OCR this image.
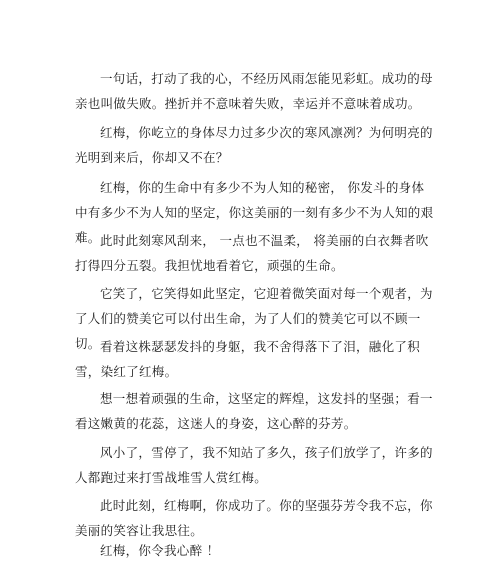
一句话，打动了我的心，不经历风雨怎能见彩虹。成功的母亲也叫做失败。挫折并不意味着失败，幸运并不意味着成功。

红梅，你屹立的身体尽力过多少次的寒风凛冽？为何明亮的光明到来后，你却又不在？

红梅，你的生命中有多少不为人知的秘密， 你发斗的身体中有多少不为人知的坚定，你这美丽的一刻有多少不为人知的艰难。 此时此刻寒风刮来， 一点也不温柔， 将美丽的白衣舞者吹打得四分五裂。我担忧地看着它，顽强的生命。

它笑了，它笑得如此坚定，它迎着微笑面对每一个观者，为了人们的赞美它可以付出生命，为了人们的赞美它可以不顾一切。 看着这株瑟瑟发抖的身躯，我不舍得落下了泪，融化了积雪，染红了红梅。

想一想着顽强的生命，这坚定的辉煌，这发抖的坚强；看一看这嫩黄的花蕊，这迷人的身姿，这心醉的芬芳。

风小了，雪停了，我不知站了多久，孩子们放学了，许多的人都跑过来打雪战堆雪人赏红梅。

此时此刻，红梅啊，你成功了。你的坚强芬芳令我不忘，你美丽的笑容让我思往。

红梅，你令我心醉 ！
